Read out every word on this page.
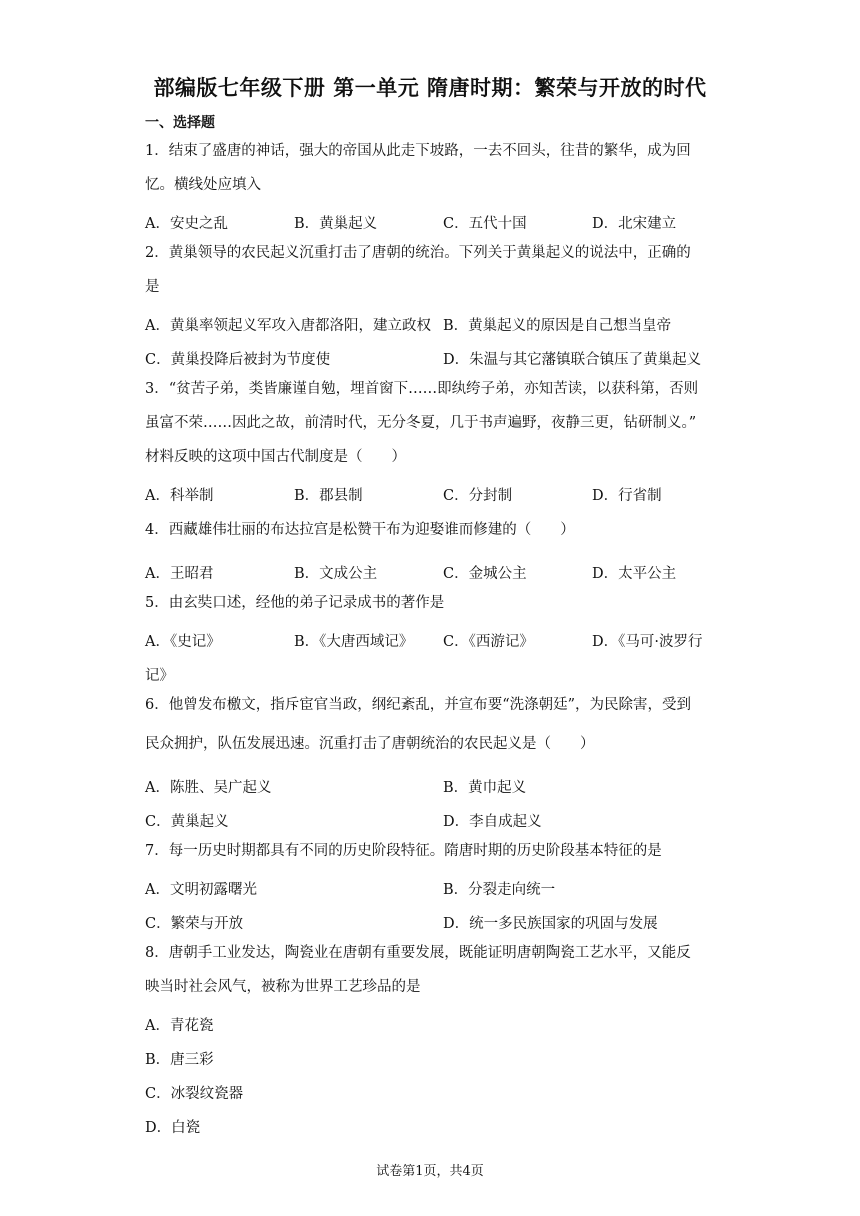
部编版七年级下册 第一单元 隋唐时期：繁荣与开放的时代
一、选择题
1．结束了盛唐的神话，强大的帝国从此走下坡路，一去不回头，往昔的繁华，成为回
忆。横线处应填入
A．安史之乱	B．黄巢起义	C．五代十国	D．北宋建立
2．黄巢领导的农民起义沉重打击了唐朝的统治。下列关于黄巢起义的说法中，正确的
是
A．黄巢率领起义军攻入唐都洛阳，建立政权 B．黄巢起义的原因是自己想当皇帝
C．黄巢投降后被封为节度使	D．朱温与其它藩镇联合镇压了黄巢起义
3．“贫苦子弟，类皆廉谨自勉，埋首窗下……即纨绔子弟，亦知苦读，以获科第，否则
虽富不荣……因此之故，前清时代，无分冬夏，几于书声遍野，夜静三更，钻研制义。”
材料反映的这项中国古代制度是（　　）
A．科举制	B．郡县制	C．分封制	D．行省制
4．西藏雄伟壮丽的布达拉宫是松赞干布为迎娶谁而修建的（　　）
A．王昭君	B．文成公主	C．金城公主	D．太平公主
5．由玄奘口述，经他的弟子记录成书的著作是
A．《史记》	B．《大唐西域记》 C．《西游记》	D．《马可·波罗行
记》
6．他曾发布檄文，指斥宦官当政，纲纪紊乱，并宣布要“洗涤朝廷”，为民除害，受到
民众拥护，队伍发展迅速。沉重打击了唐朝统治的农民起义是（　　）
A．陈胜、吴广起义	B．黄巾起义
C．黄巢起义	D．李自成起义
7．每一历史时期都具有不同的历史阶段特征。隋唐时期的历史阶段基本特征的是
A．文明初露曙光	B．分裂走向统一
C．繁荣与开放	D．统一多民族国家的巩固与发展
8．唐朝手工业发达，陶瓷业在唐朝有重要发展，既能证明唐朝陶瓷工艺水平，又能反
映当时社会风气，被称为世界工艺珍品的是
A．青花瓷
B．唐三彩
C．冰裂纹瓷器
D．白瓷
试卷第1页，共4页
